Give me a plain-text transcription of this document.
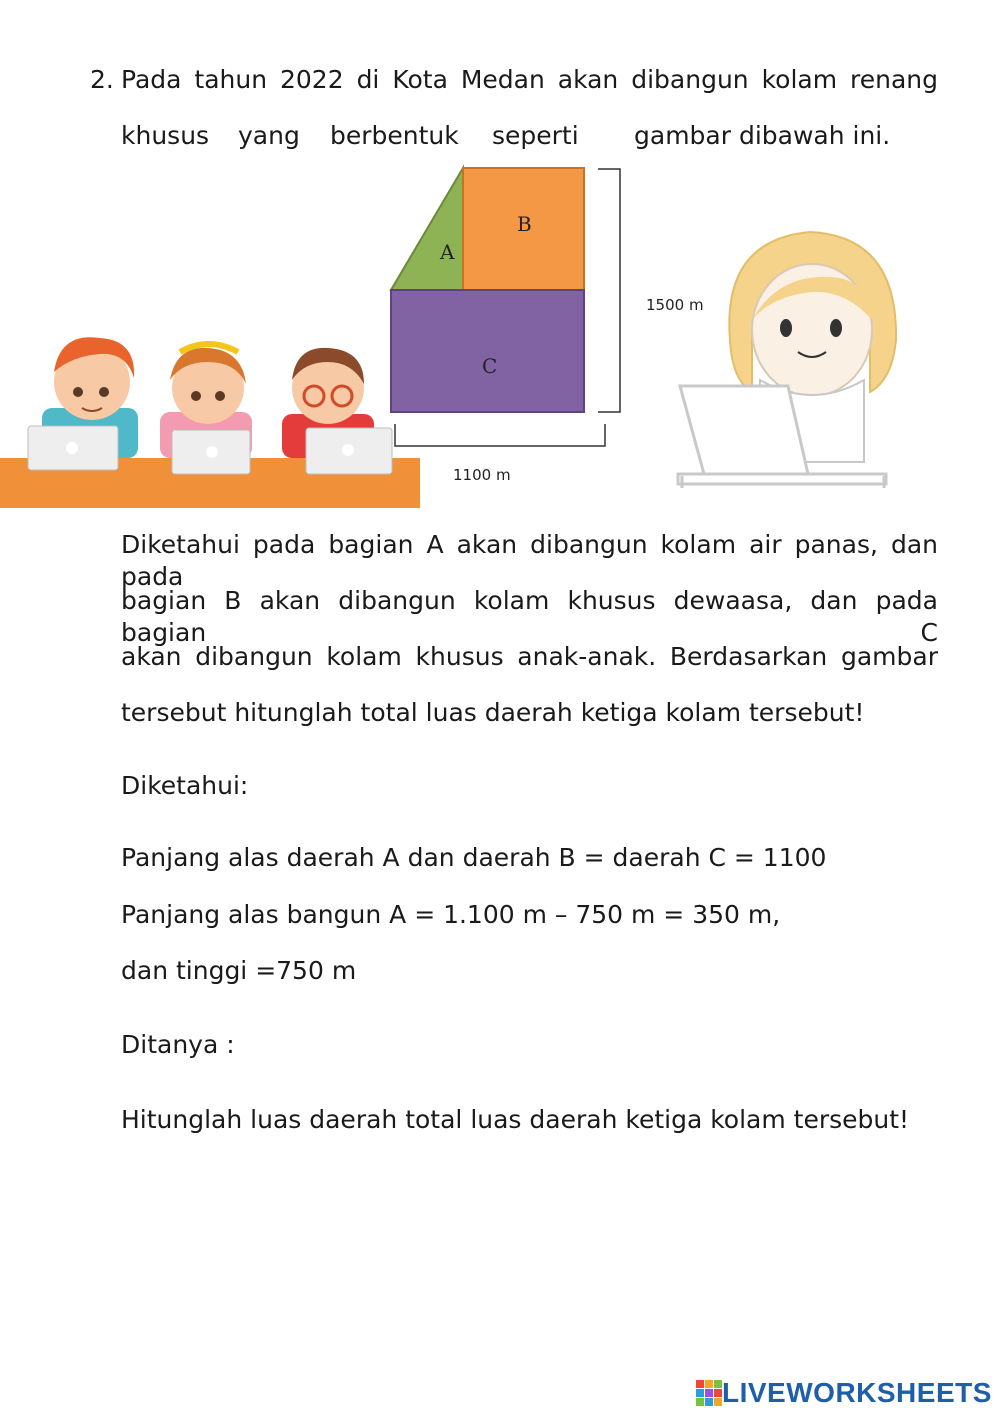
2. Pada tahun 2022 di Kota Medan akan dibangun kolam renang
khusus yang berbentuk seperti gambar dibawah ini.
A
B
C
1500 m
1100 m
Diketahui pada bagian A akan dibangun kolam air panas, dan pada
bagian B akan dibangun kolam khusus dewaasa, dan pada bagian C
akan dibangun kolam khusus anak-anak. Berdasarkan gambar
tersebut hitunglah total luas daerah ketiga kolam tersebut!
Diketahui:
Panjang alas daerah A dan daerah B = daerah C = 1100
Panjang alas bangun A = 1.100 m – 750 m = 350 m,
dan tinggi =750 m
Ditanya :
Hitunglah luas daerah total luas daerah ketiga kolam tersebut!
LIVEWORKSHEETS
